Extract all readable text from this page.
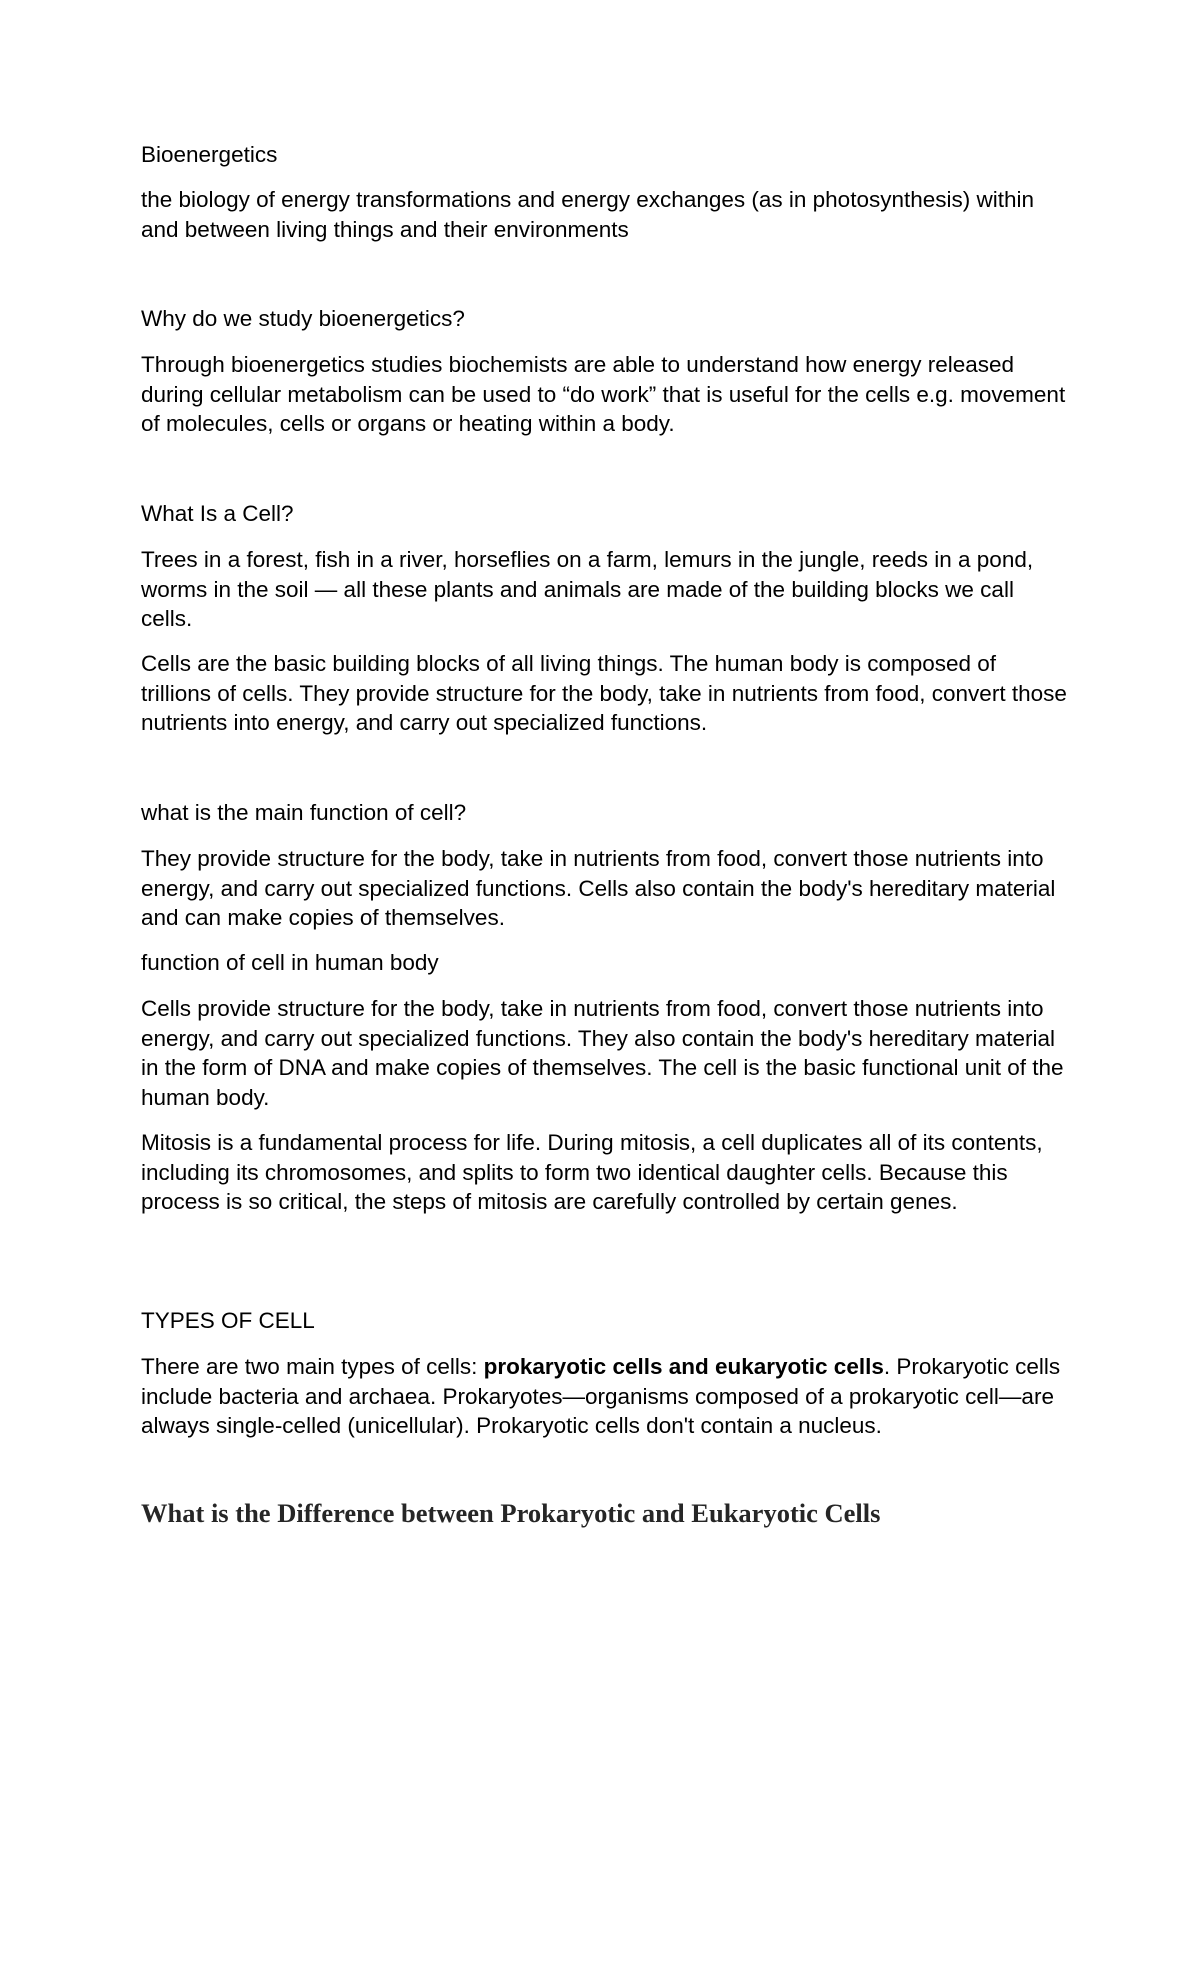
Bioenergetics

the biology of energy transformations and energy exchanges (as in photosynthesis) within and between living things and their environments

Why do we study bioenergetics?

Through bioenergetics studies biochemists are able to understand how energy released during cellular metabolism can be used to “do work” that is useful for the cells e.g. movement of molecules, cells or organs or heating within a body.

What Is a Cell?

Trees in a forest, fish in a river, horseflies on a farm, lemurs in the jungle, reeds in a pond, worms in the soil — all these plants and animals are made of the building blocks we call cells.

Cells are the basic building blocks of all living things. The human body is composed of trillions of cells. They provide structure for the body, take in nutrients from food, convert those nutrients into energy, and carry out specialized functions.

what is the main function of cell?

They provide structure for the body, take in nutrients from food, convert those nutrients into energy, and carry out specialized functions. Cells also contain the body's hereditary material and can make copies of themselves.

function of cell in human body

Cells provide structure for the body, take in nutrients from food, convert those nutrients into energy, and carry out specialized functions. They also contain the body's hereditary material in the form of DNA and make copies of themselves. The cell is the basic functional unit of the human body.

Mitosis is a fundamental process for life. During mitosis, a cell duplicates all of its contents, including its chromosomes, and splits to form two identical daughter cells. Because this process is so critical, the steps of mitosis are carefully controlled by certain genes.

TYPES OF CELL

There are two main types of cells: prokaryotic cells and eukaryotic cells. Prokaryotic cells include bacteria and archaea. Prokaryotes—organisms composed of a prokaryotic cell—are always single-celled (unicellular). Prokaryotic cells don't contain a nucleus.

What is the Difference between Prokaryotic and Eukaryotic Cells
